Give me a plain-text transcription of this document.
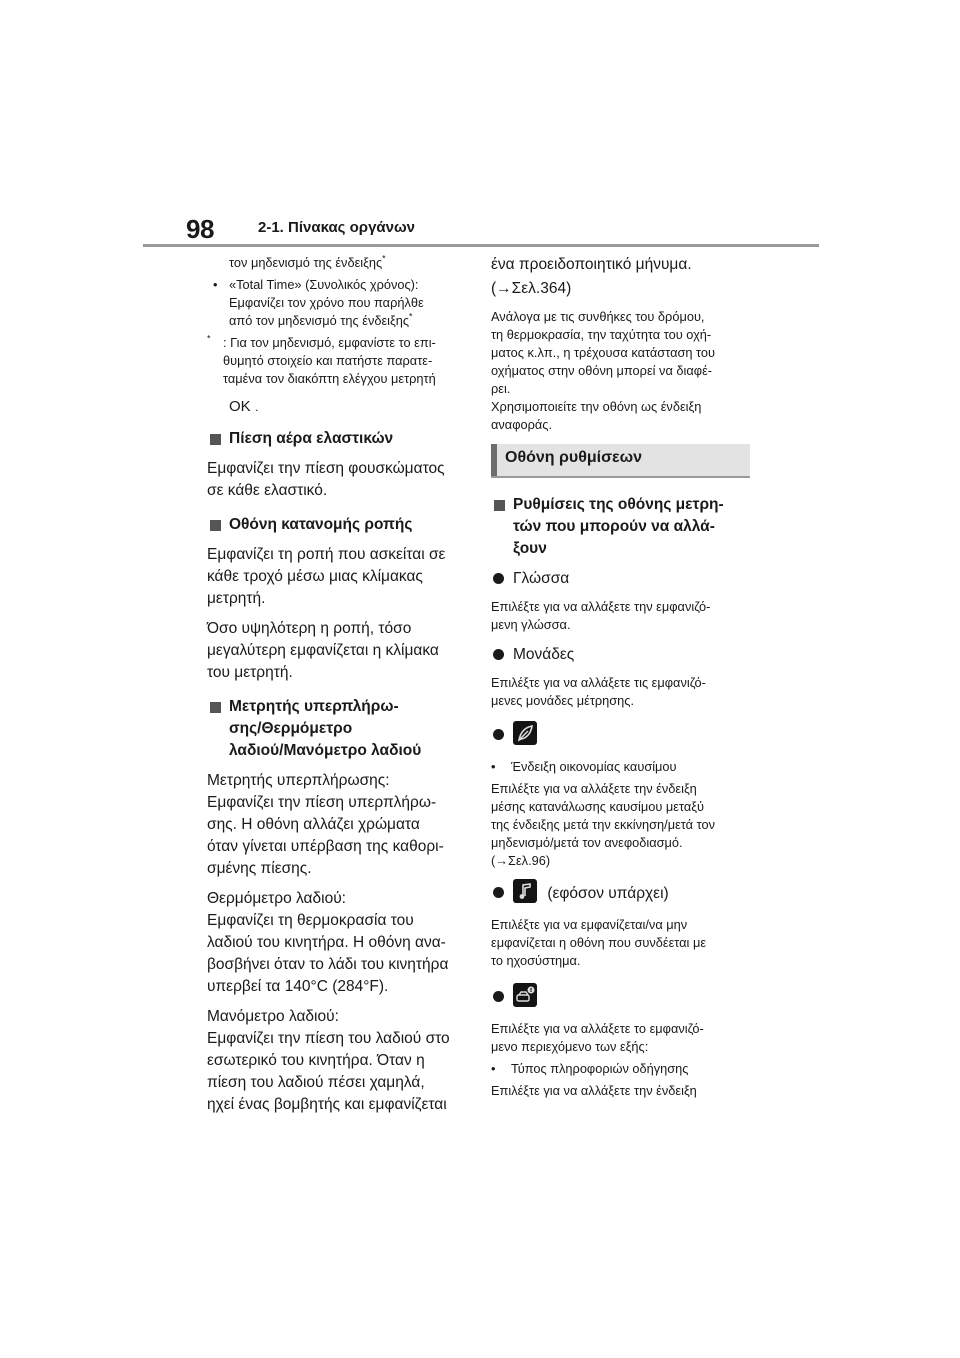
98	2-1. Πίνακας οργάνων

τον μηδενισμό της ένδειξης*

• «Total Time» (Συνολικός χρόνος):
Εμφανίζει τον χρόνο που παρήλθε
από τον μηδενισμό της ένδειξης*
* : Για τον μηδενισμό, εμφανίστε το επι-
θυμητό στοιχείο και πατήστε παρατε-
ταμένα τον διακόπτη ελέγχου μετρητή
OK .
Πίεση αέρα ελαστικών
Εμφανίζει την πίεση φουσκώματος
σε κάθε ελαστικό.
Οθόνη κατανομής ροπής
Εμφανίζει τη ροπή που ασκείται σε
κάθε τροχό μέσω μιας κλίμακας
μετρητή.
Όσο υψηλότερη η ροπή, τόσο
μεγαλύτερη εμφανίζεται η κλίμακα
του μετρητή.
Μετρητής υπερπλήρω-
σης/Θερμόμετρο
λαδιού/Μανόμετρο λαδιού
Μετρητής υπερπλήρωσης:
Εμφανίζει την πίεση υπερπλήρω-
σης. Η οθόνη αλλάζει χρώματα
όταν γίνεται υπέρβαση της καθορι-
σμένης πίεσης.
Θερμόμετρο λαδιού:
Εμφανίζει τη θερμοκρασία του
λαδιού του κινητήρα. Η οθόνη ανα-
βοσβήνει όταν το λάδι του κινητήρα
υπερβεί τα 140°C (284°F).
Μανόμετρο λαδιού:
Εμφανίζει την πίεση του λαδιού στο
εσωτερικό του κινητήρα. Όταν η
πίεση του λαδιού πέσει χαμηλά,
ηχεί ένας βομβητής και εμφανίζεται
ένα προειδοποιητικό μήνυμα.
(→Σελ.364)
Ανάλογα με τις συνθήκες του δρόμου,
τη θερμοκρασία, την ταχύτητα του οχή-
ματος κ.λπ., η τρέχουσα κατάσταση του
οχήματος στην οθόνη μπορεί να διαφέ-
ρει.
Χρησιμοποιείτε την οθόνη ως ένδειξη
αναφοράς.
Οθόνη ρυθμίσεων
Ρυθμίσεις της οθόνης μετρη-
τών που μπορούν να αλλά-
ξουν
Γλώσσα
Επιλέξτε για να αλλάξετε την εμφανιζό-
μενη γλώσσα.
Μονάδες
Επιλέξτε για να αλλάξετε τις εμφανιζό-
μενες μονάδες μέτρησης.
• Ένδειξη οικονομίας καυσίμου
Επιλέξτε για να αλλάξετε την ένδειξη
μέσης κατανάλωσης καυσίμου μεταξύ
της ένδειξης μετά την εκκίνηση/μετά τον
μηδενισμό/μετά τον ανεφοδιασμό.
(→Σελ.96)
(εφόσον υπάρχει)
Επιλέξτε για να εμφανίζεται/να μην
εμφανίζεται η οθόνη που συνδέεται με
το ηχοσύστημα.
Επιλέξτε για να αλλάξετε το εμφανιζό-
μενο περιεχόμενο των εξής:
• Τύπος πληροφοριών οδήγησης
Επιλέξτε για να αλλάξετε την ένδειξη
